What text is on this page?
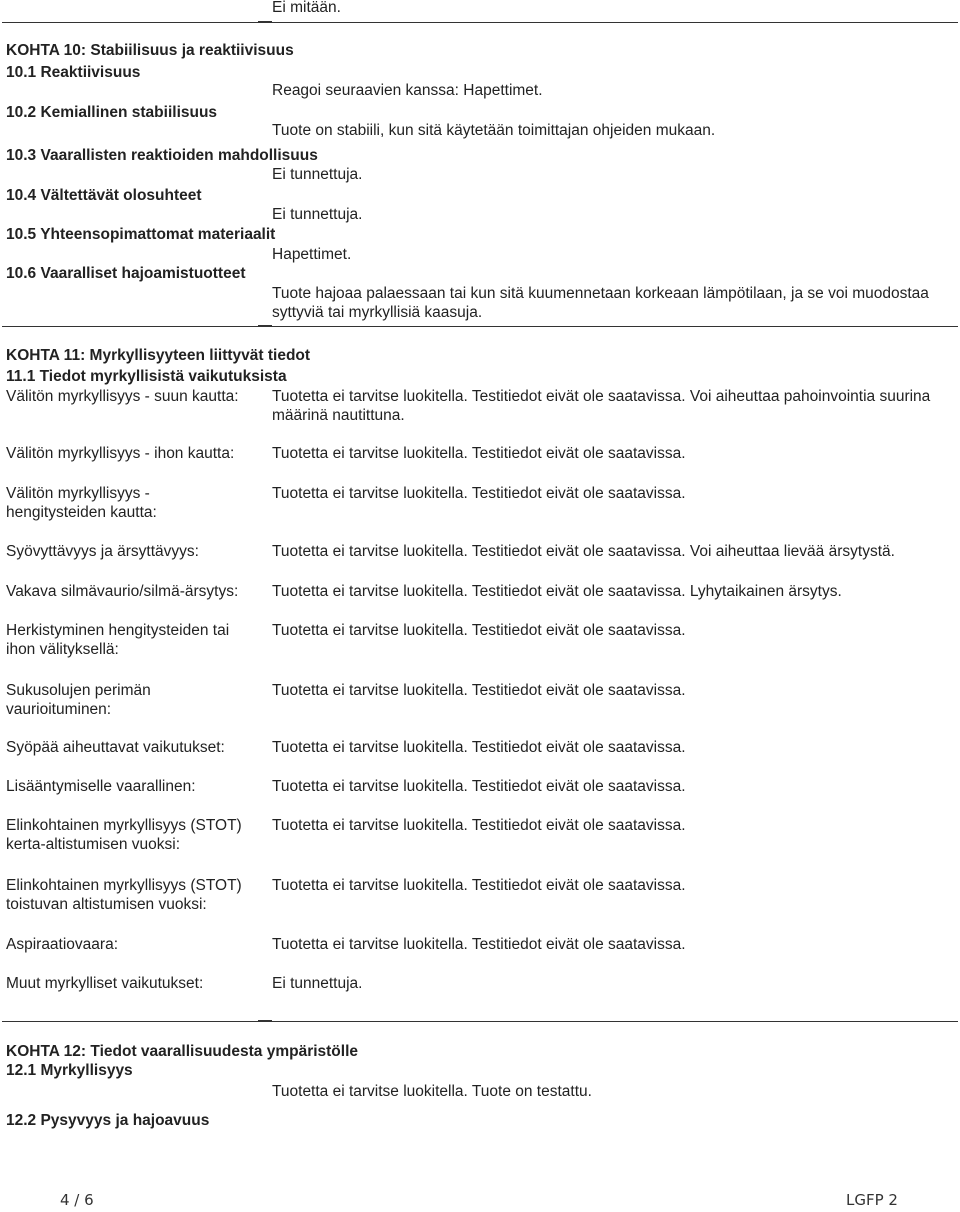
Ei mitään.
KOHTA 10: Stabiilisuus ja reaktiivisuus
10.1 Reaktiivisuus
Reagoi seuraavien kanssa: Hapettimet.
10.2 Kemiallinen stabiilisuus
Tuote on stabiili, kun sitä käytetään toimittajan ohjeiden mukaan.
10.3 Vaarallisten reaktioiden mahdollisuus
Ei tunnettuja.
10.4 Vältettävät olosuhteet
Ei tunnettuja.
10.5 Yhteensopimattomat materiaalit
Hapettimet.
10.6 Vaaralliset hajoamistuotteet
Tuote hajoaa palaessaan tai kun sitä kuumennetaan korkeaan lämpötilaan, ja se voi muodostaa
syttyviä tai myrkyllisiä kaasuja.
KOHTA 11: Myrkyllisyyteen liittyvät tiedot
11.1 Tiedot myrkyllisistä vaikutuksista
Välitön myrkyllisyys - suun kautta: Tuotetta ei tarvitse luokitella. Testitiedot eivät ole saatavissa. Voi aiheuttaa pahoinvointia suurina määrinä nautittuna.
Välitön myrkyllisyys - ihon kautta: Tuotetta ei tarvitse luokitella. Testitiedot eivät ole saatavissa.
Välitön myrkyllisyys - hengitysteiden kautta:
Tuotetta ei tarvitse luokitella. Testitiedot eivät ole saatavissa.
Syövyttävyys ja ärsyttävyys:	Tuotetta ei tarvitse luokitella. Testitiedot eivät ole saatavissa. Voi aiheuttaa lievää ärsytystä.
Vakava silmävaurio/silmä-ärsytys: Tuotetta ei tarvitse luokitella. Testitiedot eivät ole saatavissa. Lyhytaikainen ärsytys.
Herkistyminen hengitysteiden tai ihon välityksellä:
Tuotetta ei tarvitse luokitella. Testitiedot eivät ole saatavissa.
Sukusolujen perimän vaurioituminen:
Tuotetta ei tarvitse luokitella. Testitiedot eivät ole saatavissa.
Syöpää aiheuttavat vaikutukset:	Tuotetta ei tarvitse luokitella. Testitiedot eivät ole saatavissa.
Lisääntymiselle vaarallinen:	Tuotetta ei tarvitse luokitella. Testitiedot eivät ole saatavissa.
Elinkohtainen myrkyllisyys (STOT) kerta-altistumisen vuoksi:
Tuotetta ei tarvitse luokitella. Testitiedot eivät ole saatavissa.
Elinkohtainen myrkyllisyys (STOT) toistuvan altistumisen vuoksi:
Tuotetta ei tarvitse luokitella. Testitiedot eivät ole saatavissa.
Aspiraatiovaara:	Tuotetta ei tarvitse luokitella. Testitiedot eivät ole saatavissa.
Muut myrkylliset vaikutukset:	Ei tunnettuja.
KOHTA 12: Tiedot vaarallisuudesta ympäristölle
12.1 Myrkyllisyys
Tuotetta ei tarvitse luokitella. Tuote on testattu.
12.2 Pysyvyys ja hajoavuus
4 / 6	LGFP 2
